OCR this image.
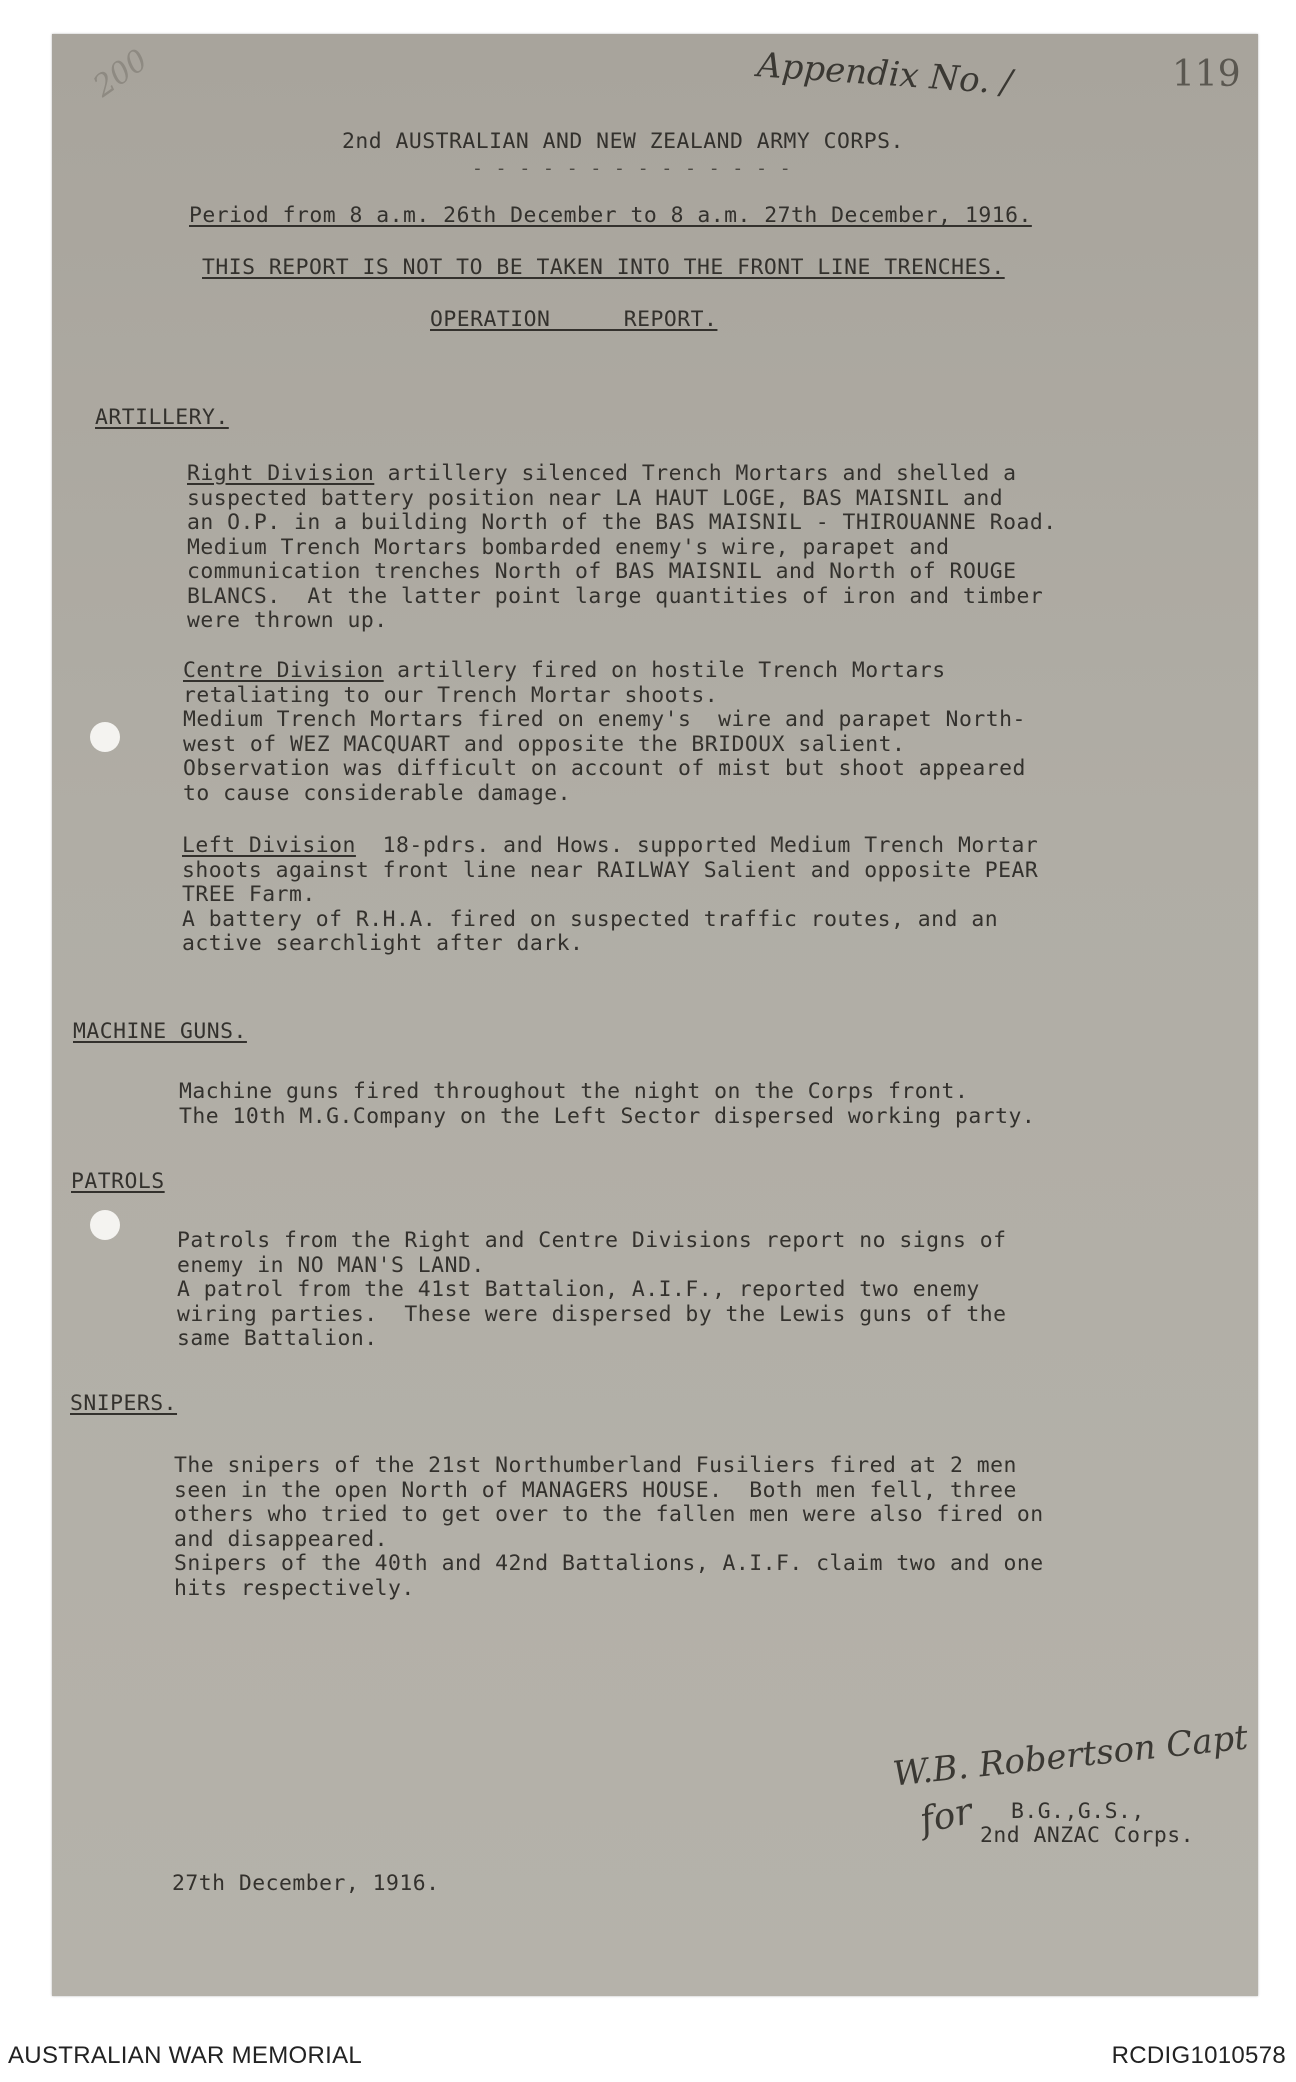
200	Appendix No. /	119
2nd AUSTRALIAN AND NEW ZEALAND ARMY CORPS.
- - - - - - - - - - - - - -
Period from 8 a.m. 26th December to 8 a.m. 27th December, 1916.
THIS REPORT IS NOT TO BE TAKEN INTO THE FRONT LINE TRENCHES.
OPERATION REPORT.
ARTILLERY.
Right Division artillery silenced Trench Mortars and shelled a
suspected battery position near LA HAUT LOGE, BAS MAISNIL and
an O.P. in a building North of the BAS MAISNIL - THIROUANNE Road.
Medium Trench Mortars bombarded enemy's wire, parapet and
communication trenches North of BAS MAISNIL and North of ROUGE
BLANCS.  At the latter point large quantities of iron and timber
were thrown up.
Centre Division artillery fired on hostile Trench Mortars
retaliating to our Trench Mortar shoots.
Medium Trench Mortars fired on enemy's  wire and parapet North-
west of WEZ MACQUART and opposite the BRIDOUX salient.
Observation was difficult on account of mist but shoot appeared
to cause considerable damage.
Left Division  18-pdrs. and Hows. supported Medium Trench Mortar
shoots against front line near RAILWAY Salient and opposite PEAR
TREE Farm.
A battery of R.H.A. fired on suspected traffic routes, and an
active searchlight after dark.
MACHINE GUNS.
Machine guns fired throughout the night on the Corps front.
The 10th M.G.Company on the Left Sector dispersed working party.
PATROLS
Patrols from the Right and Centre Divisions report no signs of
enemy in NO MAN'S LAND.
A patrol from the 41st Battalion, A.I.F., reported two enemy
wiring parties.  These were dispersed by the Lewis guns of the
same Battalion.
SNIPERS.
The snipers of the 21st Northumberland Fusiliers fired at 2 men
seen in the open North of MANAGERS HOUSE.  Both men fell, three
others who tried to get over to the fallen men were also fired on
and disappeared.
Snipers of the 40th and 42nd Battalions, A.I.F. claim two and one
hits respectively.
W.B. Robertson Capt
for B.G.,G.S.,
2nd ANZAC Corps.
27th December, 1916.
AUSTRALIAN WAR MEMORIAL	RCDIG1010578
